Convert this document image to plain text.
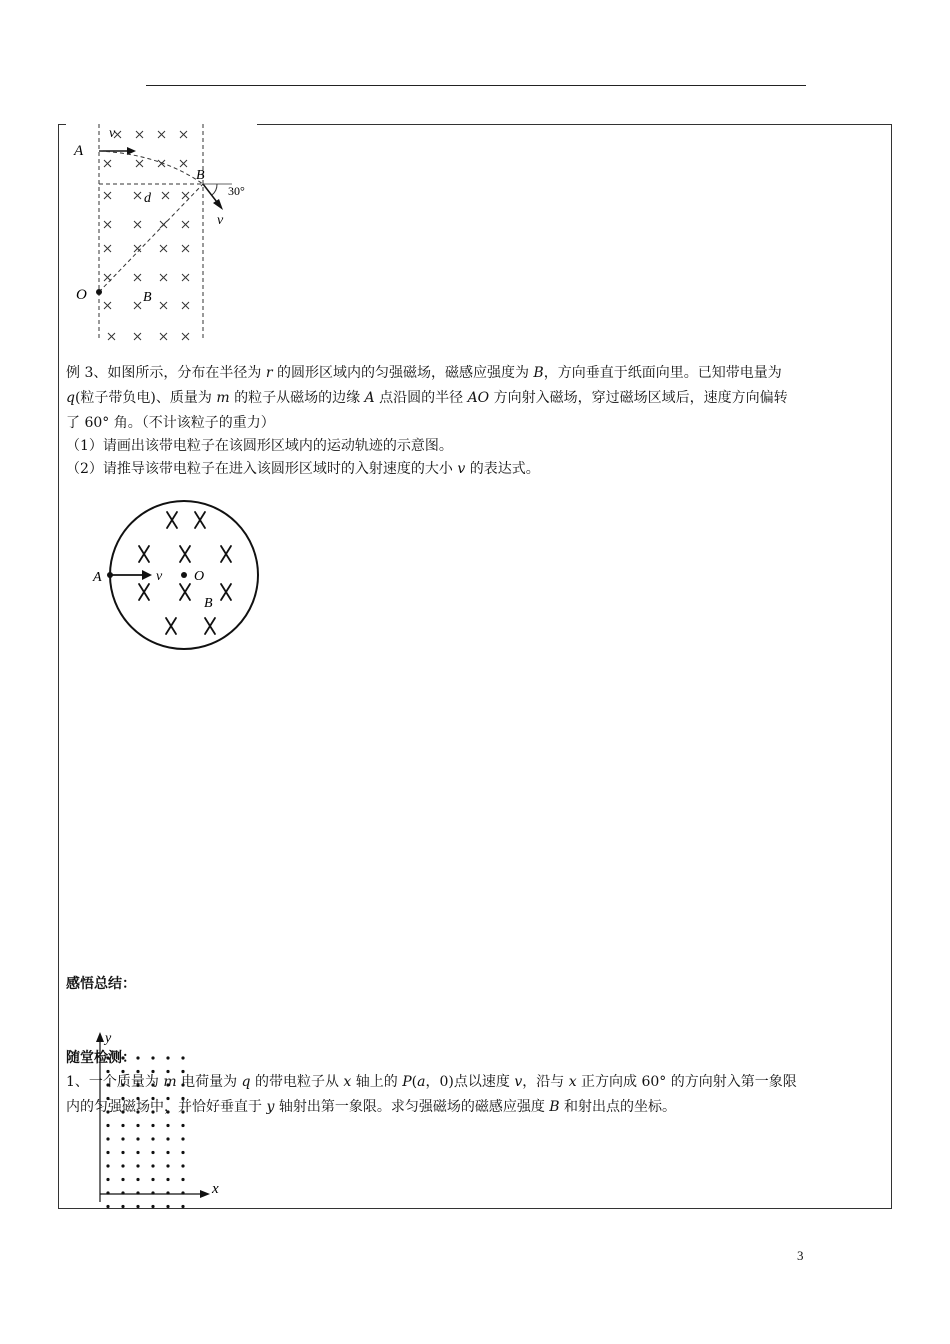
A
v
B
30°
d
v
O	B
例 3、如图所示，分布在半径为 r 的圆形区域内的匀强磁场，磁感应强度为 B，方向垂直于纸面向里。已知带电量为
q(粒子带负电)、质量为 m 的粒子从磁场的边缘 A 点沿圆的半径 AO 方向射入磁场，穿过磁场区域后，速度方向偏转
了 60° 角。（不计该粒子的重力）
（1）请画出该带电粒子在该圆形区域内的运动轨迹的示意图。
（2）请推导该带电粒子在进入该圆形区域时的入射速度的大小 v 的表达式。
A	v O
B
感悟总结：
y
x
随堂检测：
1、一个质量为 m 电荷量为 q 的带电粒子从 x 轴上的 P(a，0)点以速度 v，沿与 x 正方向成 60° 的方向射入第一象限
内的匀强磁场中，并恰好垂直于 y 轴射出第一象限。求匀强磁场的磁感应强度 B 和射出点的坐标。
3
